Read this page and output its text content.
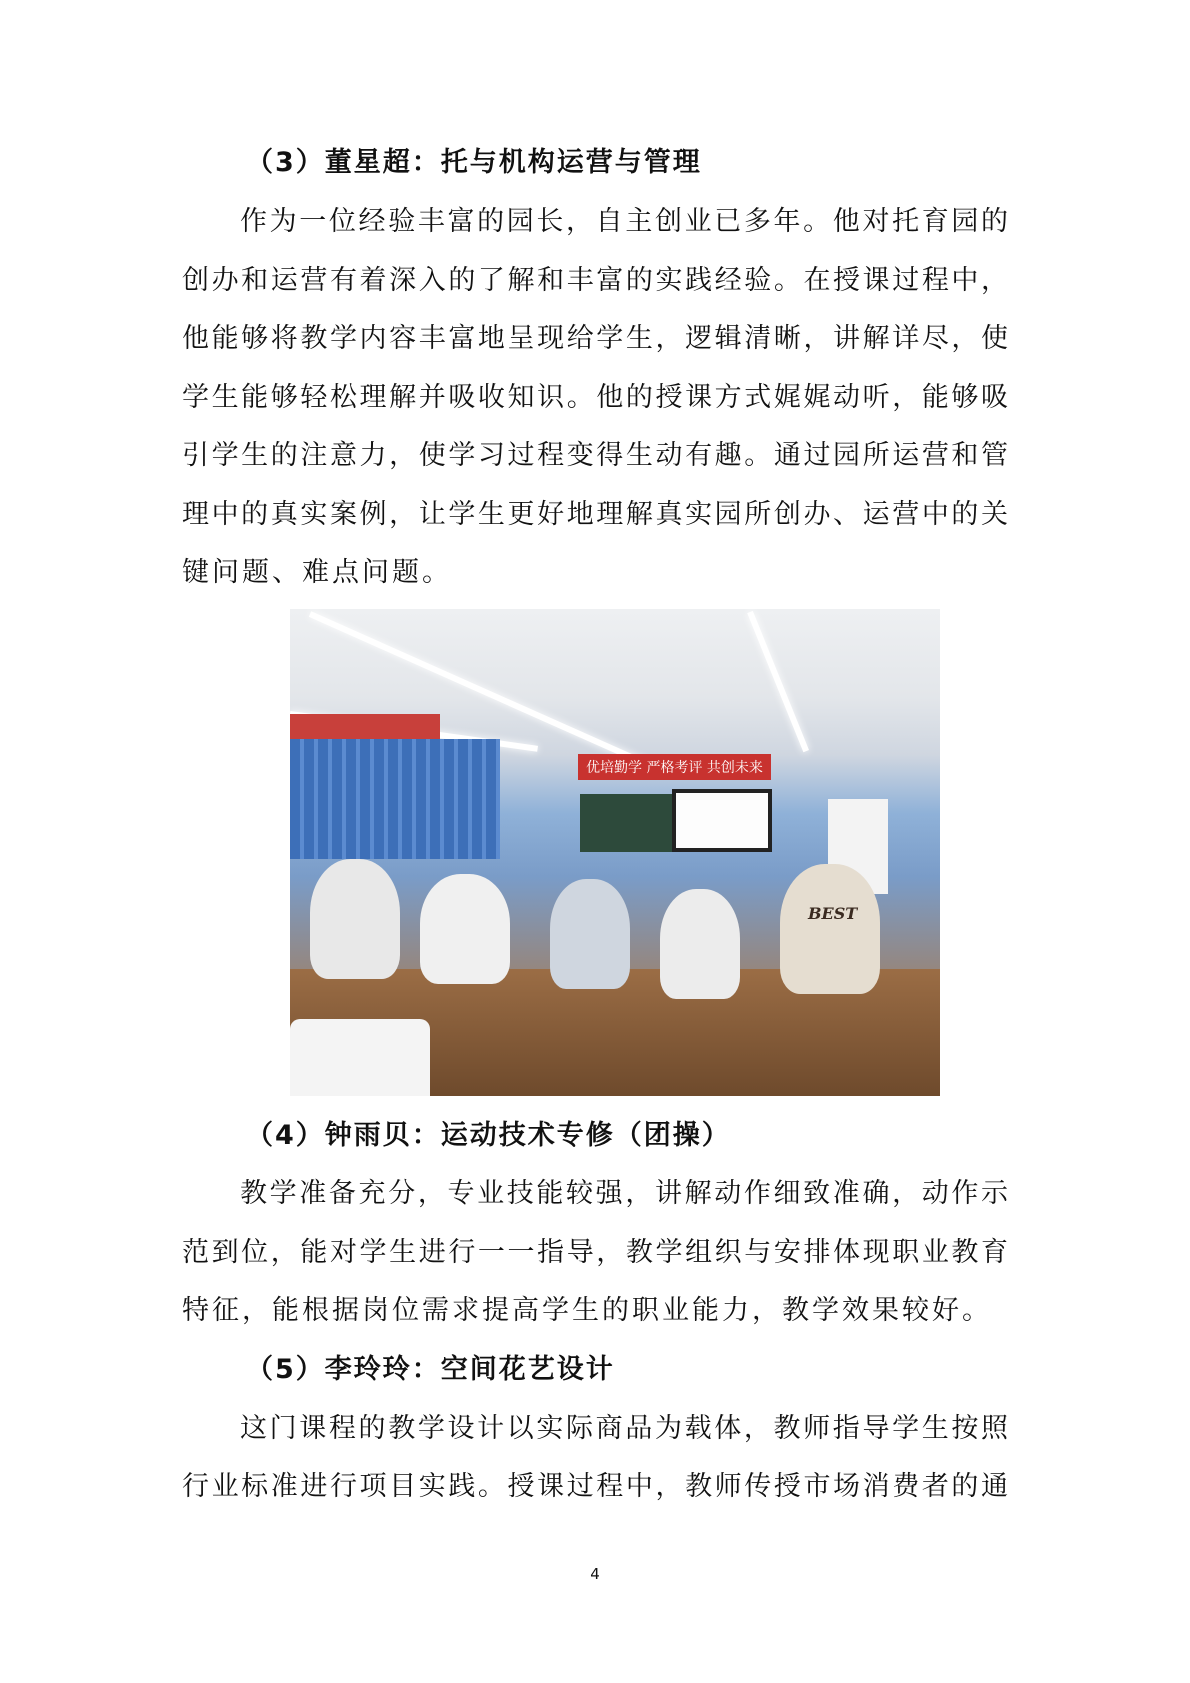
（3）董星超：托与机构运营与管理
作为一位经验丰富的园长，自主创业已多年。他对托育园的
创办和运营有着深入的了解和丰富的实践经验。在授课过程中，
他能够将教学内容丰富地呈现给学生，逻辑清晰，讲解详尽，使
学生能够轻松理解并吸收知识。他的授课方式娓娓动听，能够吸
引学生的注意力，使学习过程变得生动有趣。通过园所运营和管
理中的真实案例，让学生更好地理解真实园所创办、运营中的关
键问题、难点问题。
优培勤学 严格考评 共创未来
BEST
（4）钟雨贝：运动技术专修（团操）
教学准备充分，专业技能较强，讲解动作细致准确，动作示
范到位，能对学生进行一一指导，教学组织与安排体现职业教育
特征，能根据岗位需求提高学生的职业能力，教学效果较好。
（5）李玲玲：空间花艺设计
这门课程的教学设计以实际商品为载体，教师指导学生按照
行业标准进行项目实践。授课过程中，教师传授市场消费者的通
4
